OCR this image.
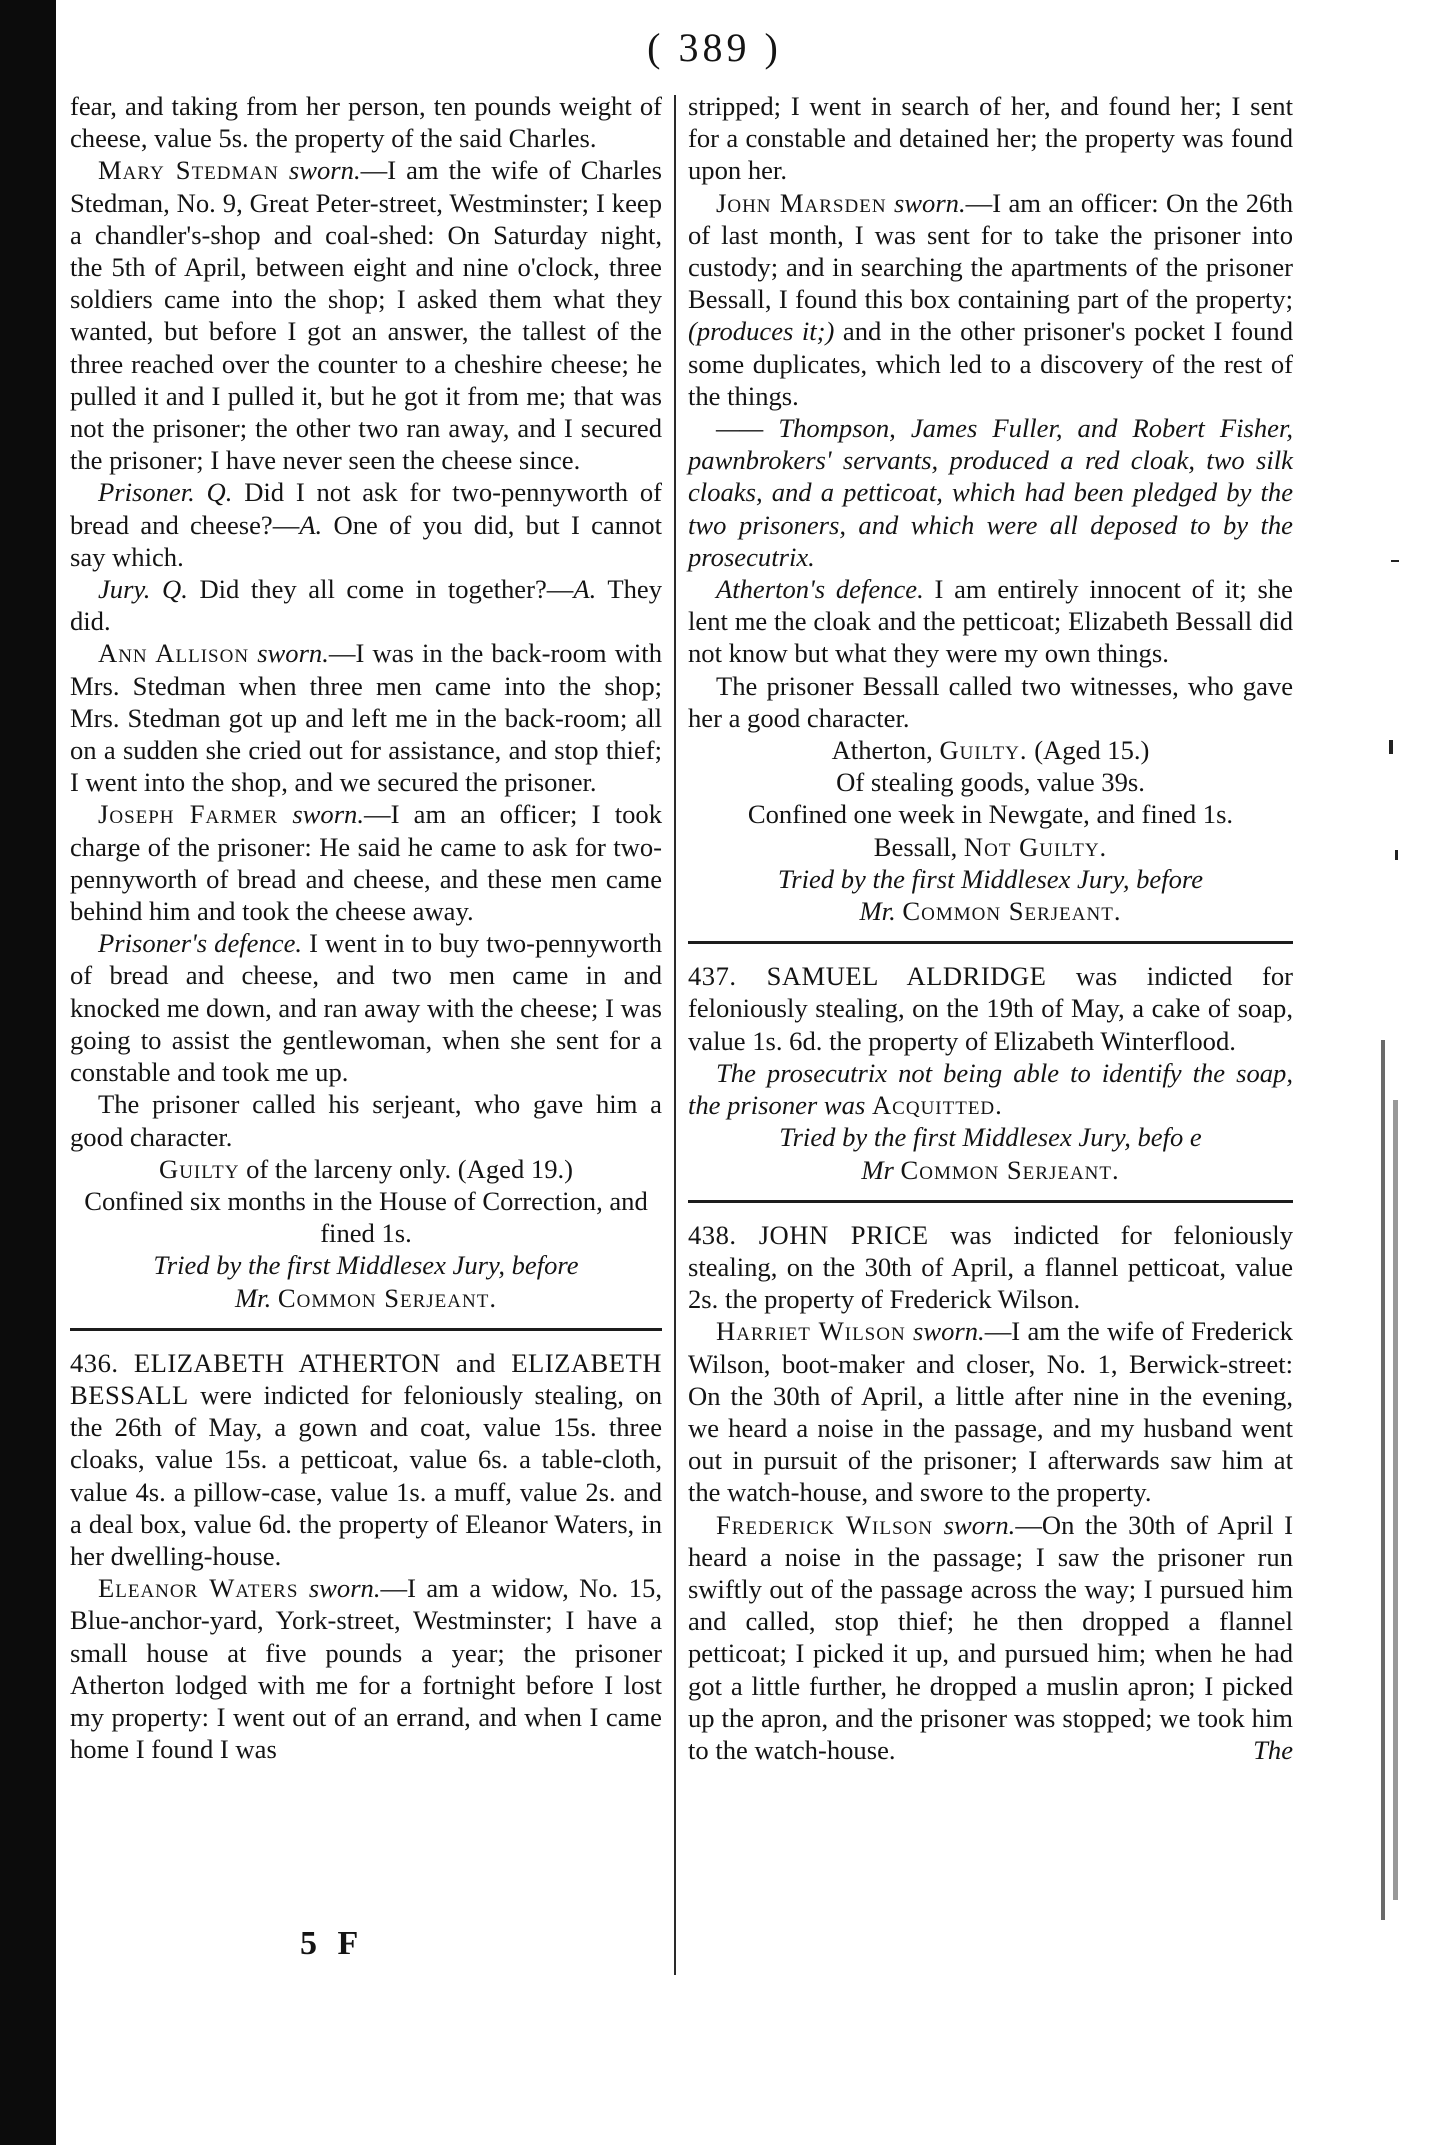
( 389 )

fear, and taking from her person, ten pounds weight of cheese, value 5s. the property of the said Charles.

Mary Stedman sworn.—I am the wife of Charles Stedman, No. 9, Great Peter-street, Westminster; I keep a chandler's-shop and coal-shed: On Saturday night, the 5th of April, between eight and nine o'clock, three soldiers came into the shop; I asked them what they wanted, but before I got an answer, the tallest of the three reached over the counter to a cheshire cheese; he pulled it and I pulled it, but he got it from me; that was not the prisoner; the other two ran away, and I secured the prisoner; I have never seen the cheese since.

Prisoner. Q. Did I not ask for two-pennyworth of bread and cheese?—A. One of you did, but I cannot say which.

Jury. Q. Did they all come in together?—A. They did.

Ann Allison sworn.—I was in the back-room with Mrs. Stedman when three men came into the shop; Mrs. Stedman got up and left me in the back-room; all on a sudden she cried out for assistance, and stop thief; I went into the shop, and we secured the prisoner.

Joseph Farmer sworn.—I am an officer; I took charge of the prisoner: He said he came to ask for two-pennyworth of bread and cheese, and these men came behind him and took the cheese away.

Prisoner's defence. I went in to buy two-pennyworth of bread and cheese, and two men came in and knocked me down, and ran away with the cheese; I was going to assist the gentlewoman, when she sent for a constable and took me up.

The prisoner called his serjeant, who gave him a good character.

Guilty of the larceny only. (Aged 19.)

Confined six months in the House of Correction, and fined 1s.

Tried by the first Middlesex Jury, before
Mr. Common Serjeant.

436. ELIZABETH ATHERTON and ELIZABETH BESSALL were indicted for feloniously stealing, on the 26th of May, a gown and coat, value 15s. three cloaks, value 15s. a petticoat, value 6s. a table-cloth, value 4s. a pillow-case, value 1s. a muff, value 2s. and a deal box, value 6d. the property of Eleanor Waters, in her dwelling-house.

Eleanor Waters sworn.—I am a widow, No. 15, Blue-anchor-yard, York-street, Westminster; I have a small house at five pounds a year; the prisoner Atherton lodged with me for a fortnight before I lost my property: I went out of an errand, and when I came home I found I was

stripped; I went in search of her, and found her; I sent for a constable and detained her; the property was found upon her.

John Marsden sworn.—I am an officer: On the 26th of last month, I was sent for to take the prisoner into custody; and in searching the apartments of the prisoner Bessall, I found this box containing part of the property; (produces it;) and in the other prisoner's pocket I found some duplicates, which led to a discovery of the rest of the things.

—— Thompson, James Fuller, and Robert Fisher, pawnbrokers' servants, produced a red cloak, two silk cloaks, and a petticoat, which had been pledged by the two prisoners, and which were all deposed to by the prosecutrix.

Atherton's defence. I am entirely innocent of it; she lent me the cloak and the petticoat; Elizabeth Bessall did not know but what they were my own things.

The prisoner Bessall called two witnesses, who gave her a good character.

Atherton, Guilty. (Aged 15.)

Of stealing goods, value 39s.

Confined one week in Newgate, and fined 1s.

Bessall, Not Guilty.

Tried by the first Middlesex Jury, before
Mr. Common Serjeant.

437. SAMUEL ALDRIDGE was indicted for feloniously stealing, on the 19th of May, a cake of soap, value 1s. 6d. the property of Elizabeth Winterflood.

The prosecutrix not being able to identify the soap, the prisoner was Acquitted.

Tried by the first Middlesex Jury, befo e
Mr Common Serjeant.

438. JOHN PRICE was indicted for feloniously stealing, on the 30th of April, a flannel petticoat, value 2s. the property of Frederick Wilson.

Harriet Wilson sworn.—I am the wife of Frederick Wilson, boot-maker and closer, No. 1, Berwick-street: On the 30th of April, a little after nine in the evening, we heard a noise in the passage, and my husband went out in pursuit of the prisoner; I afterwards saw him at the watch-house, and swore to the property.

Frederick Wilson sworn.—On the 30th of April I heard a noise in the passage; I saw the prisoner run swiftly out of the passage across the way; I pursued him and called, stop thief; he then dropped a flannel petticoat; I picked it up, and pursued him; when he had got a little further, he dropped a muslin apron; I picked up the apron, and the prisoner was stopped; we took him to the watch-house.	The

5 F
